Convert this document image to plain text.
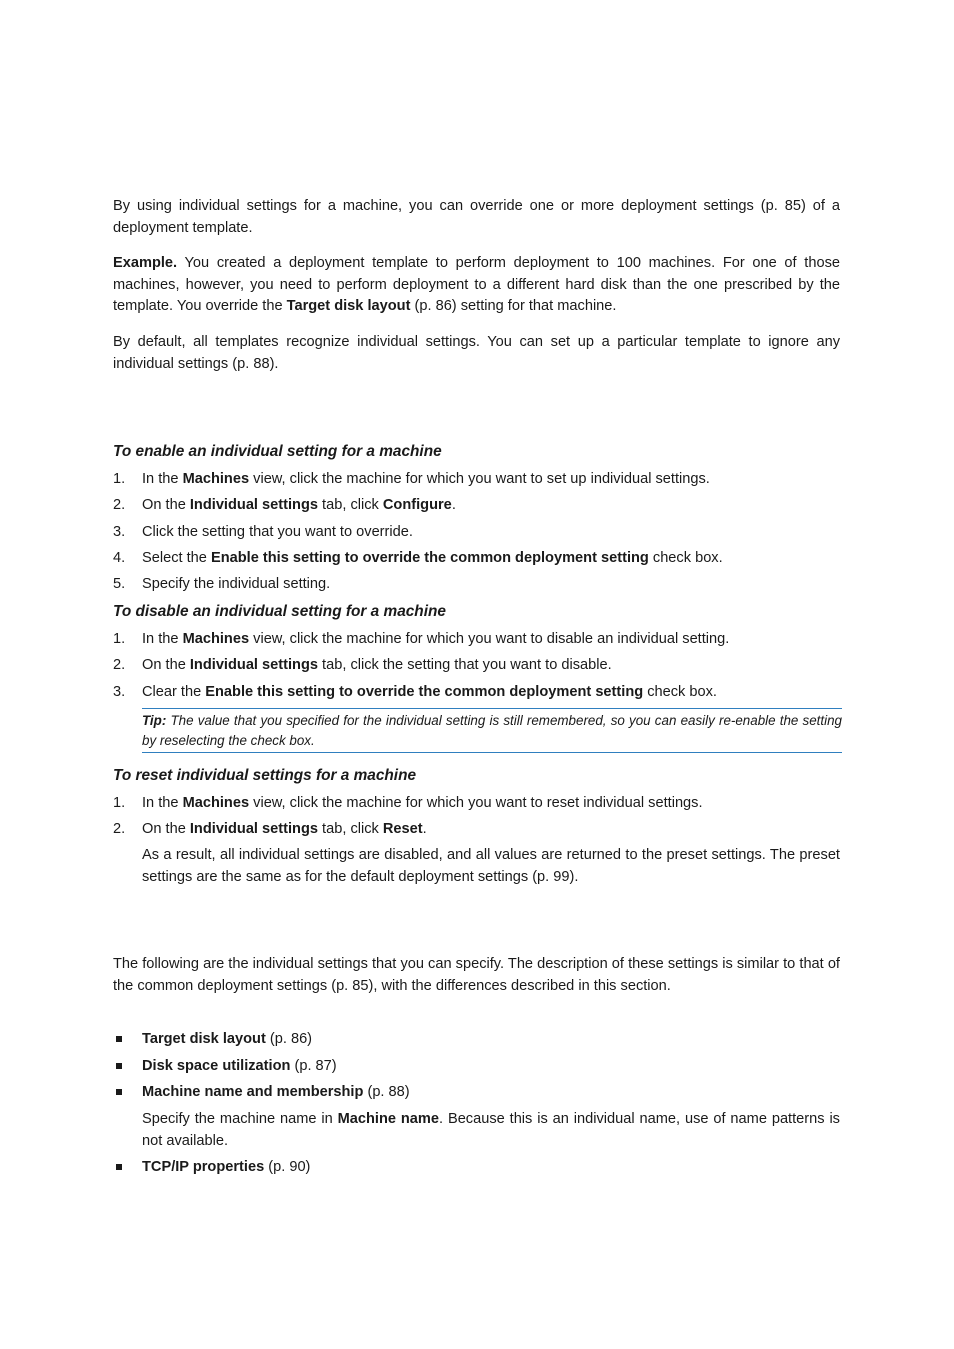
By using individual settings for a machine, you can override one or more deployment settings (p. 85) of a deployment template.

Example. You created a deployment template to perform deployment to 100 machines. For one of those machines, however, you need to perform deployment to a different hard disk than the one prescribed by the template. You override the Target disk layout (p. 86) setting for that machine.

By default, all templates recognize individual settings. You can set up a particular template to ignore any individual settings (p. 88).

To enable an individual setting for a machine

1.	In the Machines view, click the machine for which you want to set up individual settings.
2.	On the Individual settings tab, click Configure.
3.	Click the setting that you want to override.
4.	Select the Enable this setting to override the common deployment setting check box.
5.	Specify the individual setting.

To disable an individual setting for a machine

1.	In the Machines view, click the machine for which you want to disable an individual setting.
2.	On the Individual settings tab, click the setting that you want to disable.
3.	Clear the Enable this setting to override the common deployment setting check box.

Tip: The value that you specified for the individual setting is still remembered, so you can easily re-enable the setting by reselecting the check box.

To reset individual settings for a machine

1.	In the Machines view, click the machine for which you want to reset individual settings.
2.	On the Individual settings tab, click Reset.

As a result, all individual settings are disabled, and all values are returned to the preset settings. The preset settings are the same as for the default deployment settings (p. 99).

The following are the individual settings that you can specify. The description of these settings is similar to that of the common deployment settings (p. 85), with the differences described in this section.

Target disk layout (p. 86)
Disk space utilization (p. 87)
Machine name and membership (p. 88)

Specify the machine name in Machine name. Because this is an individual name, use of name patterns is not available.

TCP/IP properties (p. 90)
